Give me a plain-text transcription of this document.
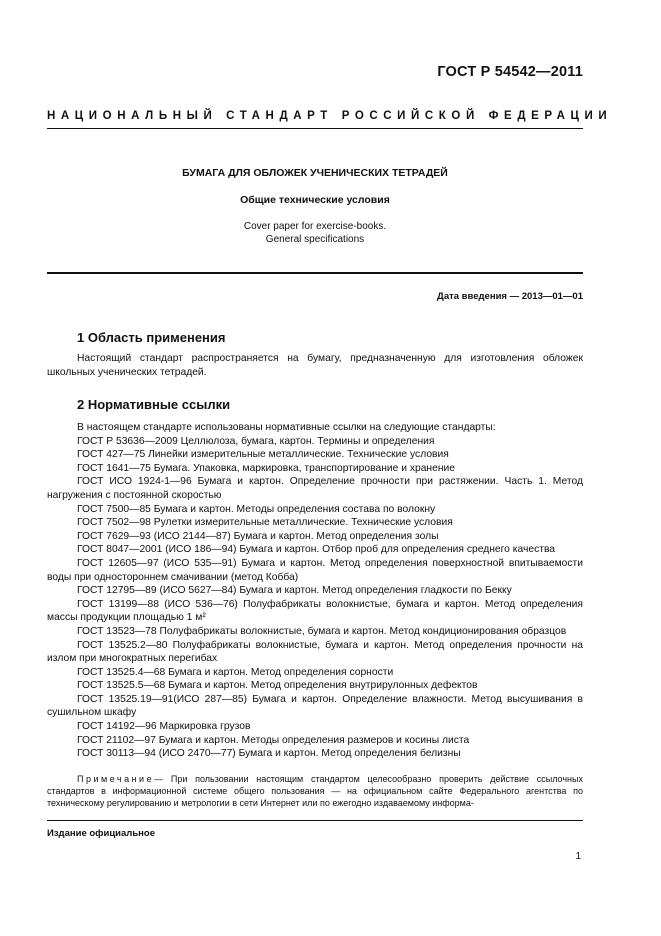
ГОСТ Р 54542—2011
НАЦИОНАЛЬНЫЙ СТАНДАРТ РОССИЙСКОЙ ФЕДЕРАЦИИ
БУМАГА ДЛЯ ОБЛОЖЕК УЧЕНИЧЕСКИХ ТЕТРАДЕЙ
Общие технические условия
Cover paper for exercise-books.
General specifications
Дата введения — 2013—01—01
1 Область применения
Настоящий стандарт распространяется на бумагу, предназначенную для изготовления обложек школьных ученических тетрадей.
2 Нормативные ссылки

В настоящем стандарте использованы нормативные ссылки на следующие стандарты:

ГОСТ Р 53636—2009 Целлюлоза, бумага, картон. Термины и определения

ГОСТ 427—75 Линейки измерительные металлические. Технические условия

ГОСТ 1641—75 Бумага. Упаковка, маркировка, транспортирование и хранение

ГОСТ ИСО 1924-1—96 Бумага и картон. Определение прочности при растяжении. Часть 1. Метод нагружения с постоянной скоростью

ГОСТ 7500—85 Бумага и картон. Методы определения состава по волокну

ГОСТ 7502—98 Рулетки измерительные металлические. Технические условия

ГОСТ 7629—93 (ИСО 2144—87) Бумага и картон. Метод определения золы

ГОСТ 8047—2001 (ИСО 186—94) Бумага и картон. Отбор проб для определения среднего качества

ГОСТ 12605—97 (ИСО 535—91) Бумага и картон. Метод определения поверхностной впитываемости воды при одностороннем смачивании (метод Кобба)

ГОСТ 12795—89 (ИСО 5627—84) Бумага и картон. Метод определения гладкости по Бекку

ГОСТ 13199—88 (ИСО 536—76) Полуфабрикаты волокнистые, бумага и картон. Метод определения массы продукции площадью 1 м²

ГОСТ 13523—78 Полуфабрикаты волокнистые, бумага и картон. Метод кондиционирования образцов

ГОСТ 13525.2—80 Полуфабрикаты волокнистые, бумага и картон. Метод определения прочности на излом при многократных перегибах

ГОСТ 13525.4—68 Бумага и картон. Метод определения сорности

ГОСТ 13525.5—68 Бумага и картон. Метод определения внутрирулонных дефектов

ГОСТ 13525.19—91(ИСО 287—85) Бумага и картон. Определение влажности. Метод высушивания в сушильном шкафу

ГОСТ 14192—96 Маркировка грузов

ГОСТ 21102—97 Бумага и картон. Методы определения размеров и косины листа

ГОСТ 30113—94 (ИСО 2470—77) Бумага и картон. Метод определения белизны

Примечание— При пользовании настоящим стандартом целесообразно проверить действие ссылочных стандартов в информационной системе общего пользования — на официальном сайте Федерального агентства по техническому регулированию и метрологии в сети Интернет или по ежегодно издаваемому информа-

Издание официальное
1
